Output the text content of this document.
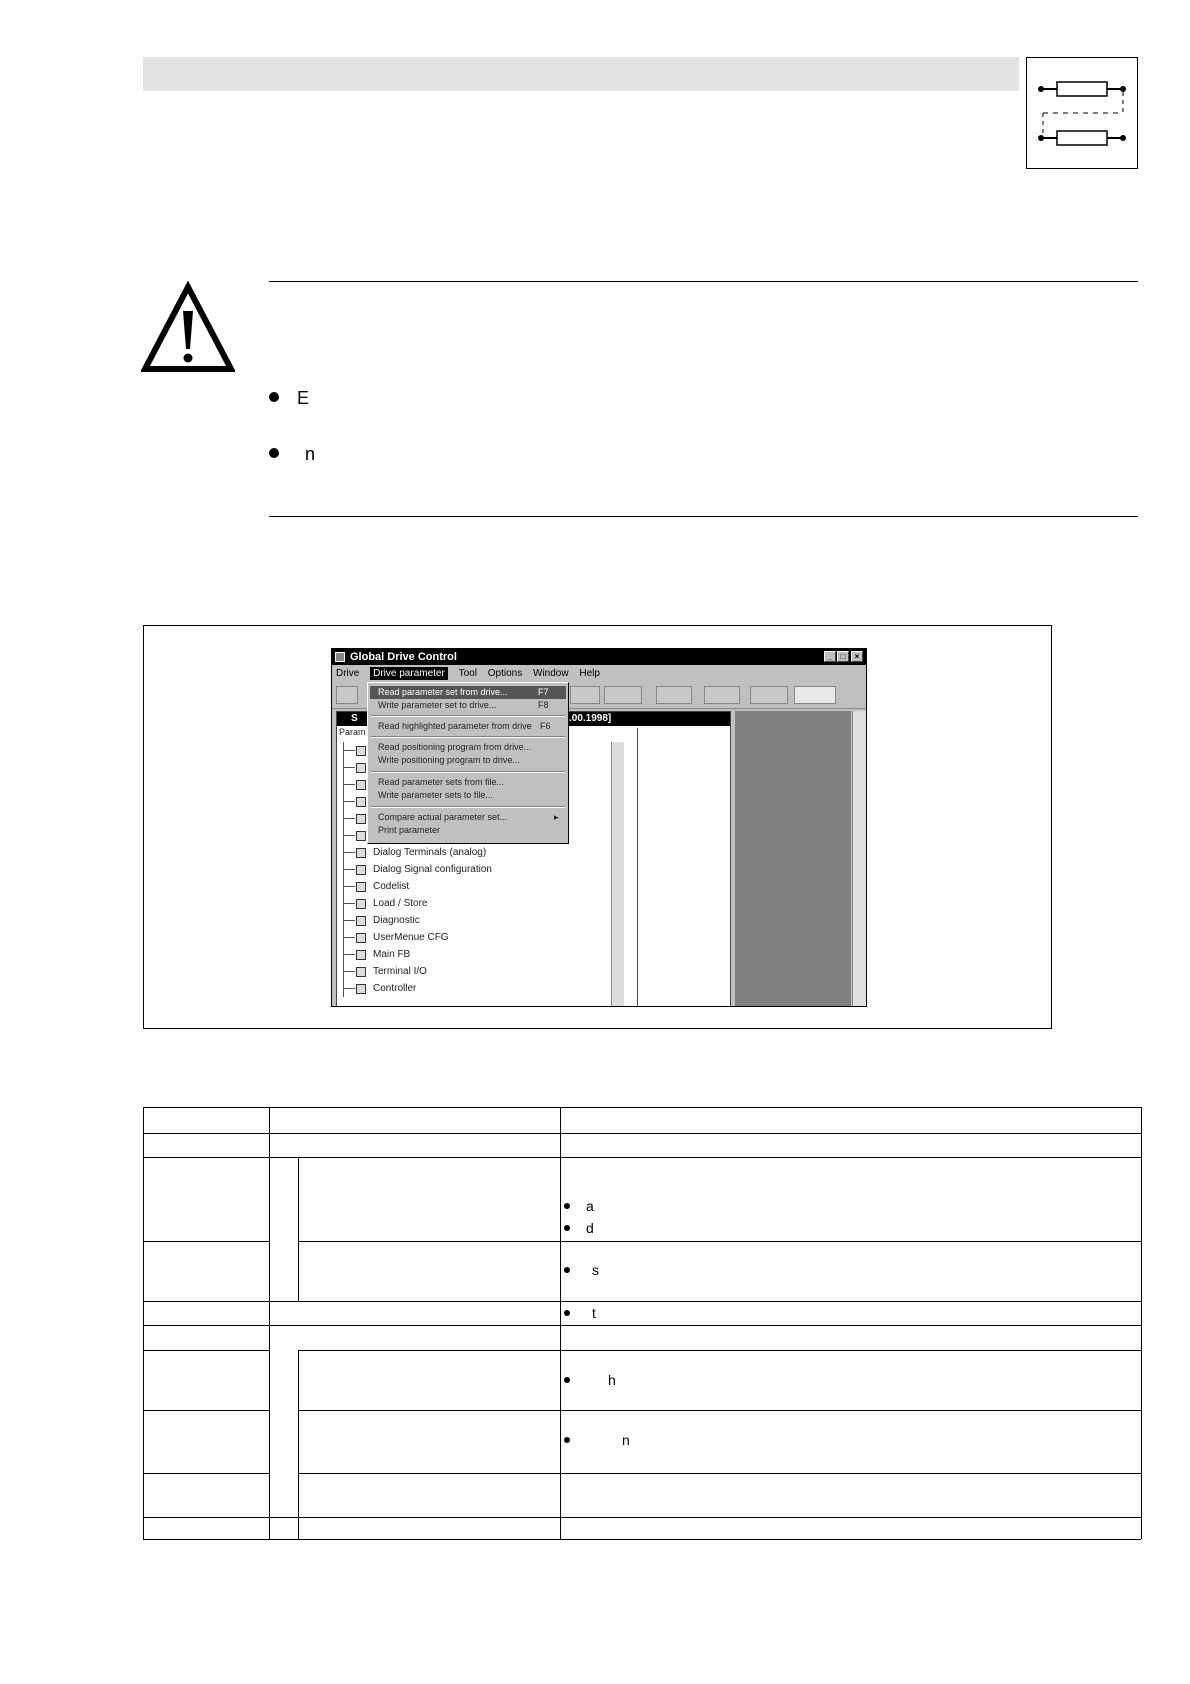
E
n
Global Drive Control	_	□	×
Drive Drive parameter Tool Options Window Help
S	.00.1998]
Param
Dialog Terminals (analog)
Dialog Signal configuration
Codelist
Load / Store
Diagnostic
UserMenue CFG
Main FB
Terminal I/O
Controller
Read parameter set from drive...	F7
Write parameter set to drive...	F8
Read highlighted parameter from drive F6
Read positioning program from drive...
Write positioning program to drive...
Read parameter sets from file...
Write parameter sets to file...
Compare actual parameter set...	▸
Print parameter
a
d
s
t
h
n
